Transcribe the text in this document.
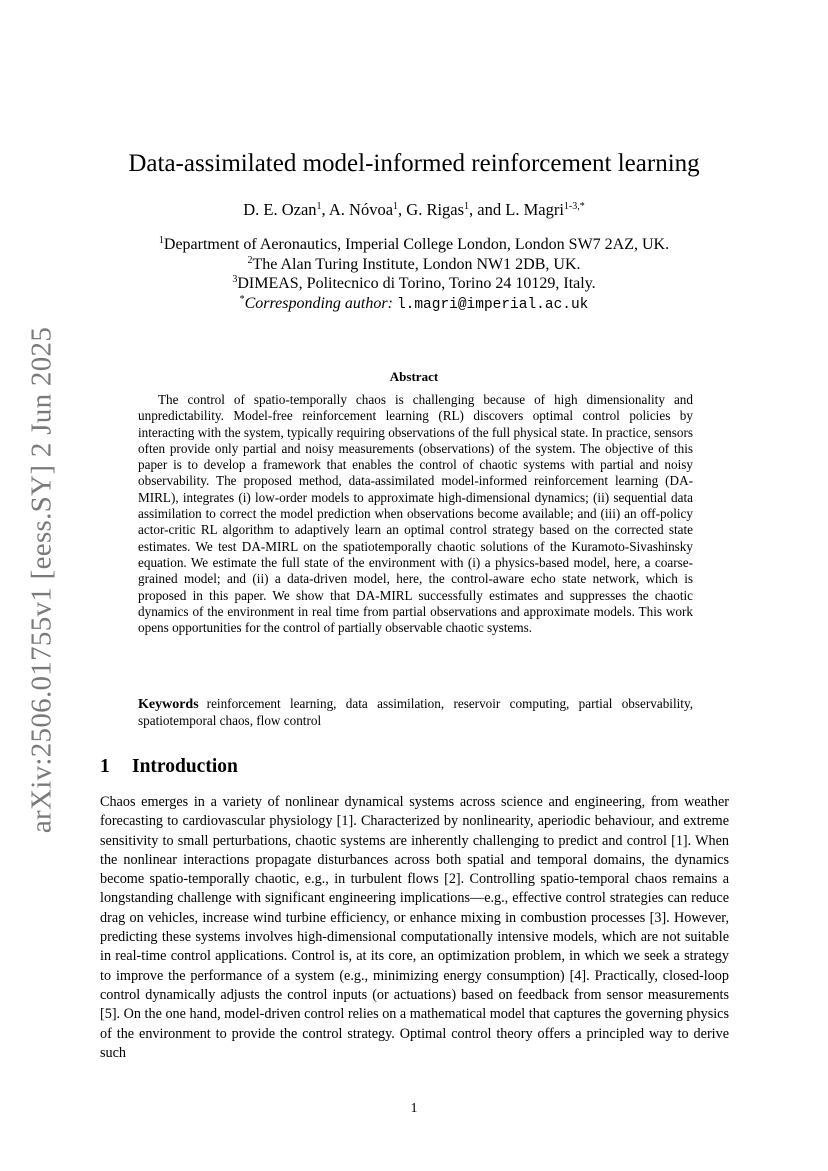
arXiv:2506.01755v1 [eess.SY] 2 Jun 2025
Data-assimilated model-informed reinforcement learning
D. E. Ozan$^1$, A. Nóvoa$^1$, G. Rigas$^1$, and L. Magri$^{1-3,*}$
$^1$Department of Aeronautics, Imperial College London, London SW7 2AZ, UK.
$^2$The Alan Turing Institute, London NW1 2DB, UK.
$^3$DIMEAS, Politecnico di Torino, Torino 24 10129, Italy.
*Corresponding author: l.magri@imperial.ac.uk
Abstract

The control of spatio-temporally chaos is challenging because of high dimensionality and unpredictability. Model-free reinforcement learning (RL) discovers optimal control policies by interacting with the system, typically requiring observations of the full physical state. In practice, sensors often provide only partial and noisy measurements (observations) of the system. The objective of this paper is to develop a framework that enables the control of chaotic systems with partial and noisy observability. The proposed method, data-assimilated model-informed reinforcement learning (DA-MIRL), integrates (i) low-order models to approximate high-dimensional dynamics; (ii) sequential data assimilation to correct the model prediction when observations become available; and (iii) an off-policy actor-critic RL algorithm to adaptively learn an optimal control strategy based on the corrected state estimates. We test DA-MIRL on the spatiotemporally chaotic solutions of the Kuramoto-Sivashinsky equation. We estimate the full state of the environment with (i) a physics-based model, here, a coarse-grained model; and (ii) a data-driven model, here, the control-aware echo state network, which is proposed in this paper. We show that DA-MIRL successfully estimates and suppresses the chaotic dynamics of the environment in real time from partial observations and approximate models. This work opens opportunities for the control of partially observable chaotic systems.

Keywords reinforcement learning, data assimilation, reservoir computing, partial observability, spatiotemporal chaos, flow control

1 Introduction

Chaos emerges in a variety of nonlinear dynamical systems across science and engineering, from weather forecasting to cardiovascular physiology [1]. Characterized by nonlinearity, aperiodic behaviour, and extreme sensitivity to small perturbations, chaotic systems are inherently challenging to predict and control [1]. When the nonlinear interactions propagate disturbances across both spatial and temporal domains, the dynamics become spatio-temporally chaotic, e.g., in turbulent flows [2]. Controlling spatio-temporal chaos remains a longstanding challenge with significant engineering implications—e.g., effective control strategies can reduce drag on vehicles, increase wind turbine efficiency, or enhance mixing in combustion processes [3]. However, predicting these systems involves high-dimensional computationally intensive models, which are not suitable in real-time control applications. Control is, at its core, an optimization problem, in which we seek a strategy to improve the performance of a system (e.g., minimizing energy consumption) [4]. Practically, closed-loop control dynamically adjusts the control inputs (or actuations) based on feedback from sensor measurements [5]. On the one hand, model-driven control relies on a mathematical model that captures the governing physics of the environment to provide the control strategy. Optimal control theory offers a principled way to derive such

1
